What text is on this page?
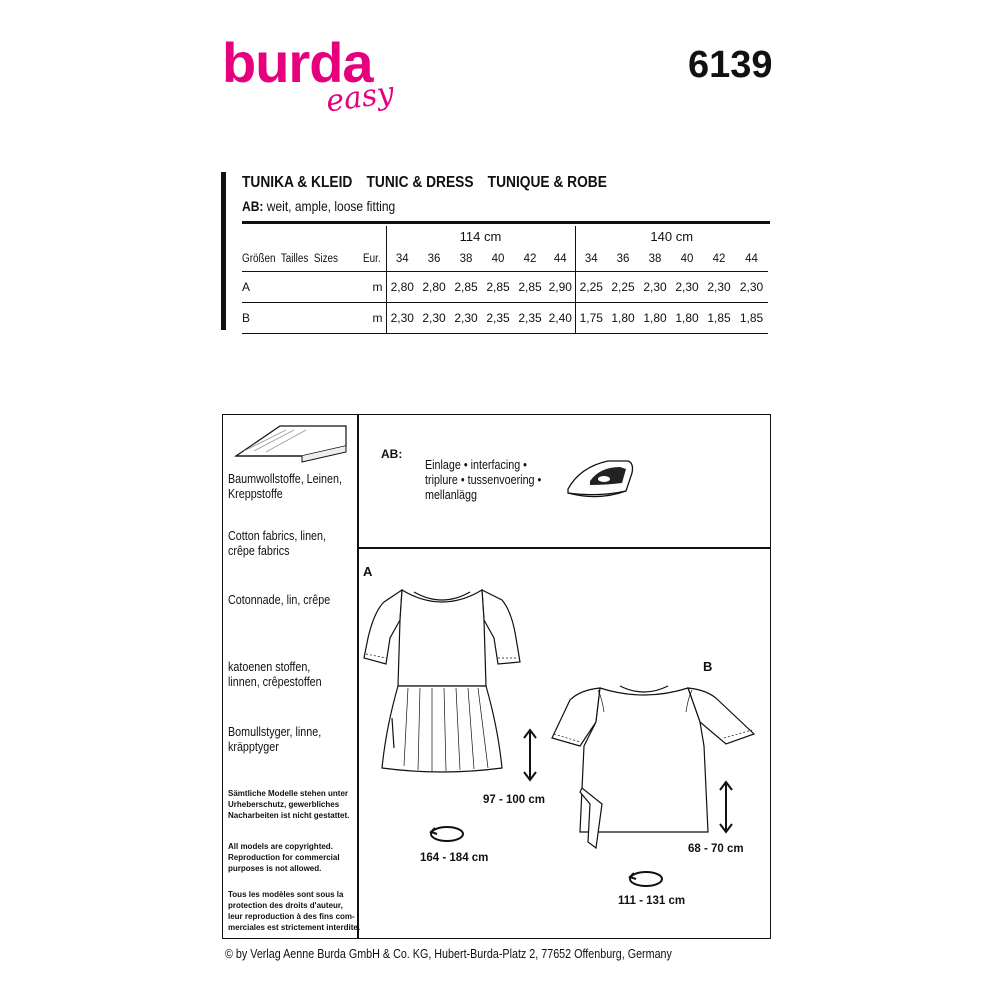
burda
easy
6139
TUNIKA & KLEID TUNIC & DRESS TUNIQUE & ROBE
AB: weit, ample, loose fitting
		114 cm						140 cm					
Größen  Tailles  Sizes	Eur.	34	36	38	40	42	44	34	36	38	40	42	44
A	m	2,80	2,80	2,85	2,85	2,85	2,90	2,25	2,25	2,30	2,30	2,30	2,30
B	m	2,30	2,30	2,30	2,35	2,35	2,40	1,75	1,80	1,80	1,80	1,85	1,85
Baumwollstoffe, Leinen,
Kreppstoffe
Cotton fabrics, linen,
crêpe fabrics
Cotonnade, lin, crêpe
katoenen stoffen,
linnen, crêpestoffen
Bomullstyger, linne,
kräpptyger
Sämtliche Modelle stehen unter
Urheberschutz, gewerbliches
Nacharbeiten ist nicht gestattet.
All models are copyrighted.
Reproduction for commercial
purposes is not allowed.
Tous les modèles sont sous la
protection des droits d'auteur,
leur reproduction à des fins com-
merciales est strictement interdite.
AB:
Einlage • interfacing •
triplure • tussenvoering •
mellanlägg
A
B
97 - 100 cm
68 - 70 cm
164 - 184 cm
111 - 131 cm
© by Verlag Aenne Burda GmbH & Co. KG, Hubert-Burda-Platz 2, 77652 Offenburg, Germany
